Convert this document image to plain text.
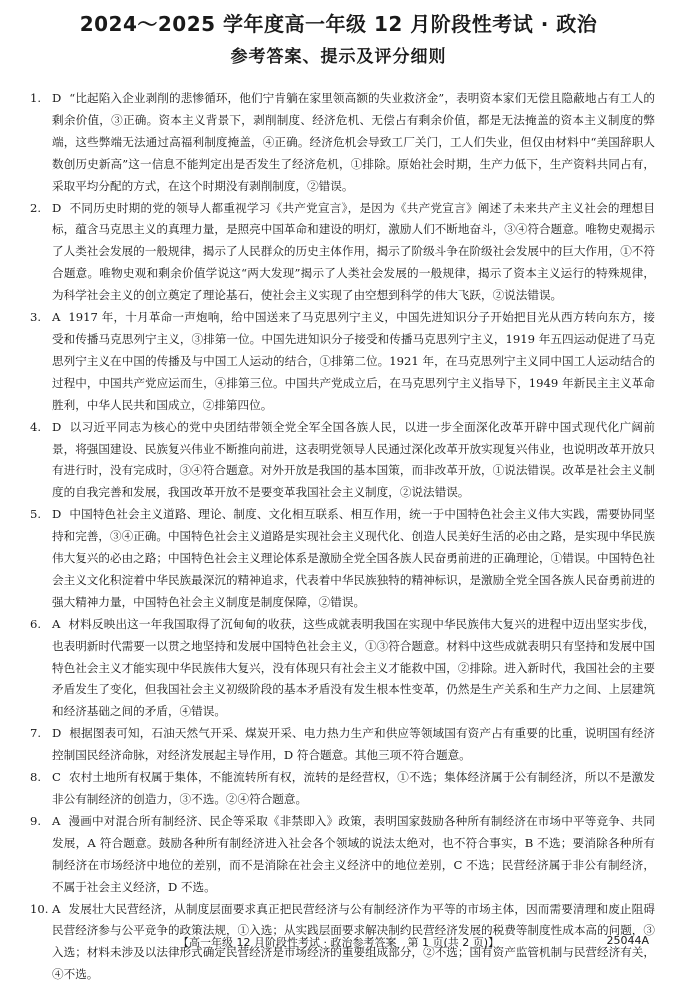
2024～2025 学年度高一年级 12 月阶段性考试 · 政治
参考答案、提示及评分细则

1. D “比起陷入企业剥削的悲惨循环，他们宁肯躺在家里领高额的失业救济金”，表明资本家们无偿且隐蔽地占有工人的剩余价值，③正确。资本主义背景下，剥削制度、经济危机、无偿占有剩余价值，都是无法掩盖的资本主义制度的弊端，这些弊端无法通过高福利制度掩盖，④正确。经济危机会导致工厂关门，工人们失业，但仅由材料中“美国辞职人数创历史新高”这一信息不能判定出是否发生了经济危机，①排除。原始社会时期，生产力低下，生产资料共同占有，采取平均分配的方式，在这个时期没有剥削制度，②错误。

2. D 不同历史时期的党的领导人都重视学习《共产党宣言》，是因为《共产党宣言》阐述了未来共产主义社会的理想目标，蕴含马克思主义的真理力量，是照亮中国革命和建设的明灯，激励人们不断地奋斗，③④符合题意。唯物史观揭示了人类社会发展的一般规律，揭示了人民群众的历史主体作用，揭示了阶级斗争在阶级社会发展中的巨大作用，①不符合题意。唯物史观和剩余价值学说这“两大发现”揭示了人类社会发展的一般规律，揭示了资本主义运行的特殊规律，为科学社会主义的创立奠定了理论基石，使社会主义实现了由空想到科学的伟大飞跃，②说法错误。

3. A 1917 年，十月革命一声炮响，给中国送来了马克思列宁主义，中国先进知识分子开始把目光从西方转向东方，接受和传播马克思列宁主义，③排第一位。中国先进知识分子接受和传播马克思列宁主义，1919 年五四运动促进了马克思列宁主义在中国的传播及与中国工人运动的结合，①排第二位。1921 年，在马克思列宁主义同中国工人运动结合的过程中，中国共产党应运而生，④排第三位。中国共产党成立后，在马克思列宁主义指导下，1949 年新民主主义革命胜利，中华人民共和国成立，②排第四位。

4. D 以习近平同志为核心的党中央团结带领全党全军全国各族人民，以进一步全面深化改革开辟中国式现代化广阔前景，将强国建设、民族复兴伟业不断推向前进，这表明党领导人民通过深化改革开放实现复兴伟业，也说明改革开放只有进行时，没有完成时，③④符合题意。对外开放是我国的基本国策，而非改革开放，①说法错误。改革是社会主义制度的自我完善和发展，我国改革开放不是要变革我国社会主义制度，②说法错误。

5. D 中国特色社会主义道路、理论、制度、文化相互联系、相互作用，统一于中国特色社会主义伟大实践，需要协同坚持和完善，③④正确。中国特色社会主义道路是实现社会主义现代化、创造人民美好生活的必由之路，是实现中华民族伟大复兴的必由之路；中国特色社会主义理论体系是激励全党全国各族人民奋勇前进的正确理论，①错误。中国特色社会主义文化积淀着中华民族最深沉的精神追求，代表着中华民族独特的精神标识，是激励全党全国各族人民奋勇前进的强大精神力量，中国特色社会主义制度是制度保障，②错误。

6. A 材料反映出这一年我国取得了沉甸甸的收获，这些成就表明我国在实现中华民族伟大复兴的进程中迈出坚实步伐，也表明新时代需要一以贯之地坚持和发展中国特色社会主义，①③符合题意。材料中这些成就表明只有坚持和发展中国特色社会主义才能实现中华民族伟大复兴，没有体现只有社会主义才能救中国，②排除。进入新时代，我国社会的主要矛盾发生了变化，但我国社会主义初级阶段的基本矛盾没有发生根本性变革，仍然是生产关系和生产力之间、上层建筑和经济基础之间的矛盾，④错误。

7. D 根据图表可知，石油天然气开采、煤炭开采、电力热力生产和供应等领域国有资产占有重要的比重，说明国有经济控制国民经济命脉，对经济发展起主导作用，D 符合题意。其他三项不符合题意。

8. C 农村土地所有权属于集体，不能流转所有权，流转的是经营权，①不选；集体经济属于公有制经济，所以不是激发非公有制经济的创造力，③不选。②④符合题意。

9. A 漫画中对混合所有制经济、民企等采取《非禁即入》政策，表明国家鼓励各种所有制经济在市场中平等竞争、共同发展，A 符合题意。鼓励各种所有制经济进入社会各个领域的说法太绝对，也不符合事实，B 不选；要消除各种所有制经济在市场经济中地位的差别，而不是消除在社会主义经济中的地位差别，C 不选；民营经济属于非公有制经济，不属于社会主义经济，D 不选。

10. A 发展壮大民营经济，从制度层面要求真正把民营经济与公有制经济作为平等的市场主体，因而需要清理和废止阻碍民营经济参与公平竞争的政策法规，①入选；从实践层面要求解决制约民营经济发展的税费等制度性成本高的问题，③入选；材料未涉及以法律形式确定民营经济是市场经济的重要组成部分，②不选；国有资产监管机制与民营经济有关，④不选。

【高一年级 12 月阶段性考试 · 政治参考答案　第 1 页(共 2 页)】	25044A
